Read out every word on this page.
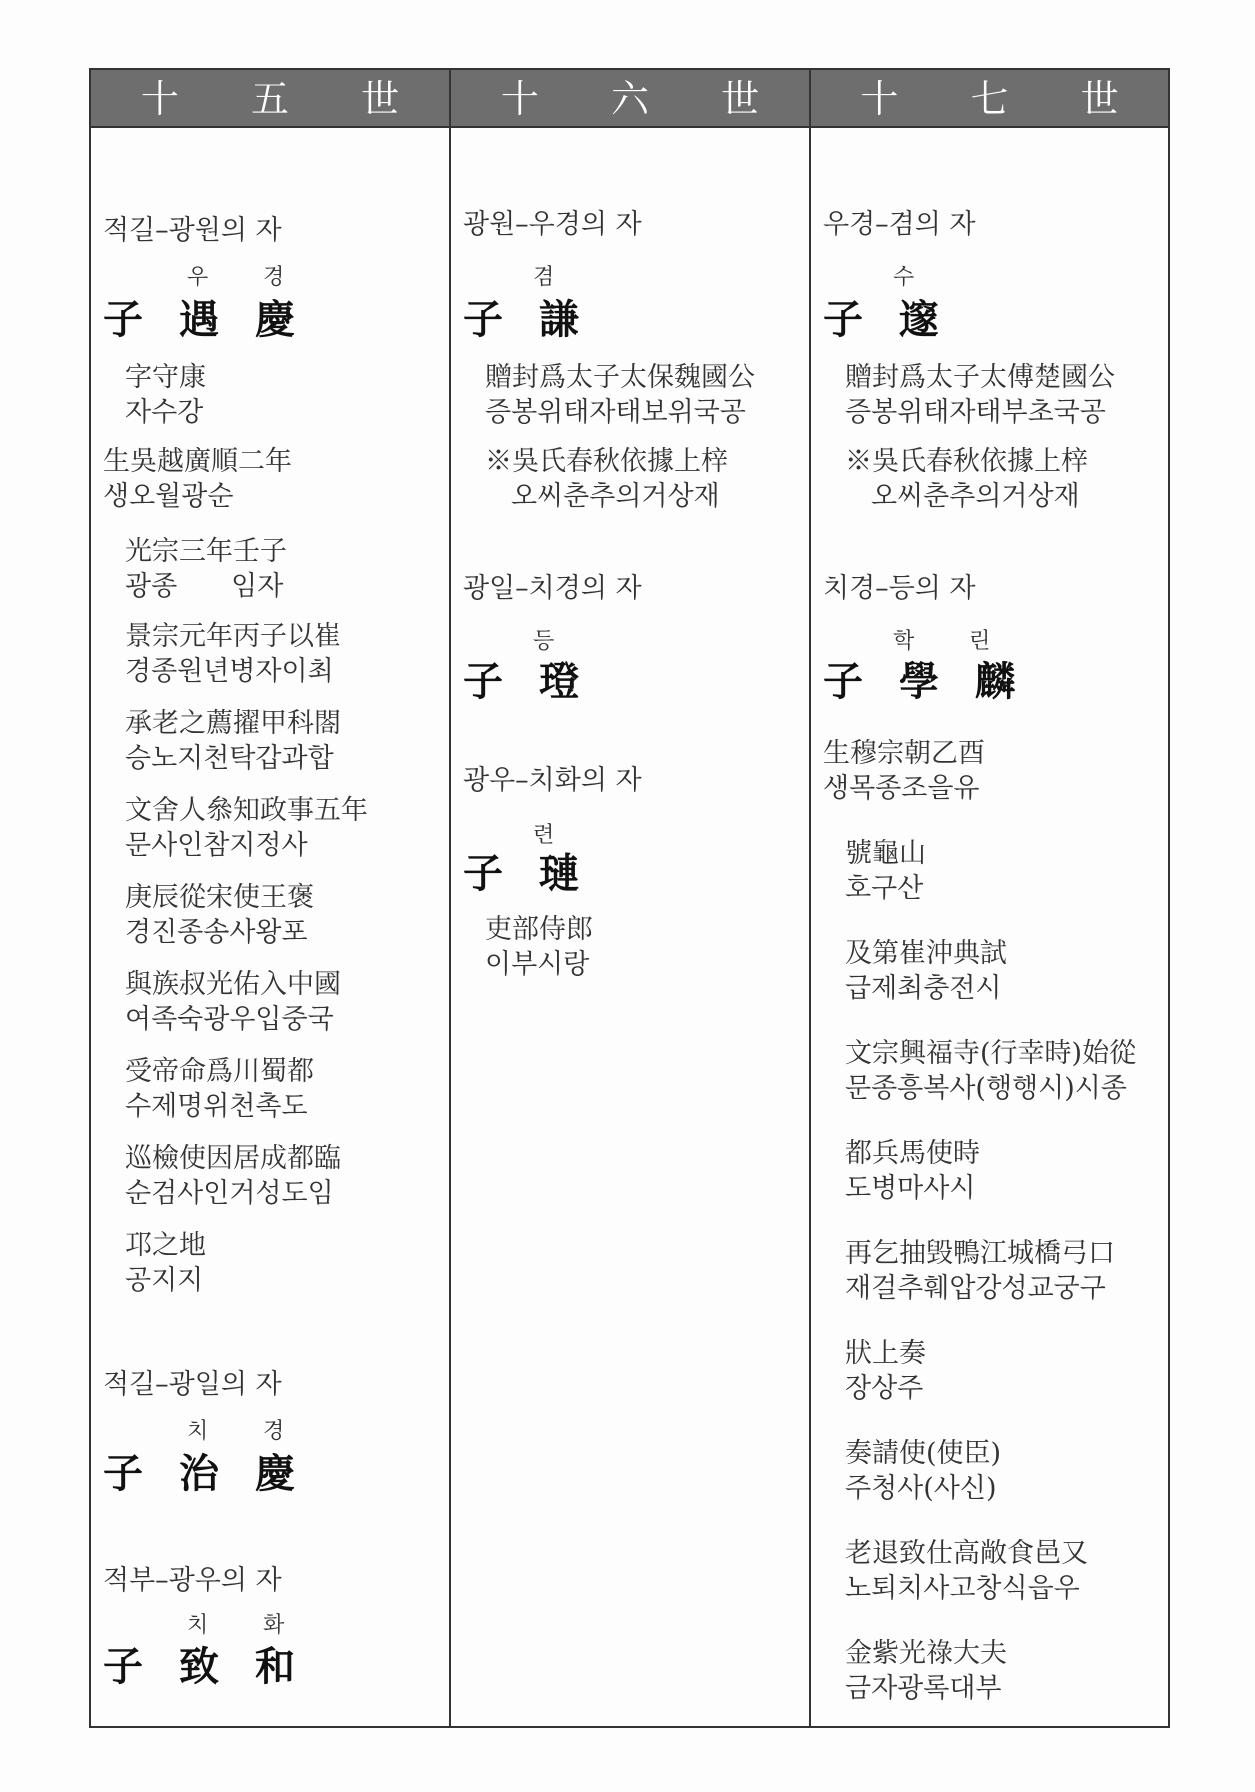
十 五 世
적길–광원의 자
우 경
子 遇 慶
字守康
자수강
生吳越廣順二年
생오월광순
光宗三年壬子
광종　　임자
景宗元年丙子以崔
경종원년병자이최
承老之薦擢甲科閤
승노지천탁갑과합
文舍人叅知政事五年
문사인참지정사
庚辰從宋使王褒
경진종송사왕포
與族叔光佑入中國
여족숙광우입중국
受帝命爲川蜀都
수제명위천촉도
巡檢使因居成都臨
순검사인거성도임
邛之地
공지지
적길–광일의 자
치 경
子 治 慶
적부–광우의 자
치 화
子 致 和
十 六 世
광원–우경의 자
겸
子 謙
贈封爲太子太保魏國公
증봉위태자태보위국공
※吳氏春秋依據上梓
오씨춘추의거상재
광일–치경의 자
등
子 璒
광우–치화의 자
련
子 璉
吏部侍郎
이부시랑
十 七 世
우경–겸의 자
수
子 邃
贈封爲太子太傅楚國公
증봉위태자태부초국공
※吳氏春秋依據上梓
오씨춘추의거상재
치경–등의 자
학 린
子 學 麟
生穆宗朝乙酉
생목종조을유
號龜山
호구산
及第崔沖典試
급제최충전시
文宗興福寺(行幸時)始從
문종흥복사(행행시)시종
都兵馬使時
도병마사시
再乞抽毁鴨江城橋弓口
재걸추훼압강성교궁구
狀上奏
장상주
奏請使(使臣)
주청사(사신)
老退致仕高敞食邑又
노퇴치사고창식읍우
金紫光祿大夫
금자광록대부
